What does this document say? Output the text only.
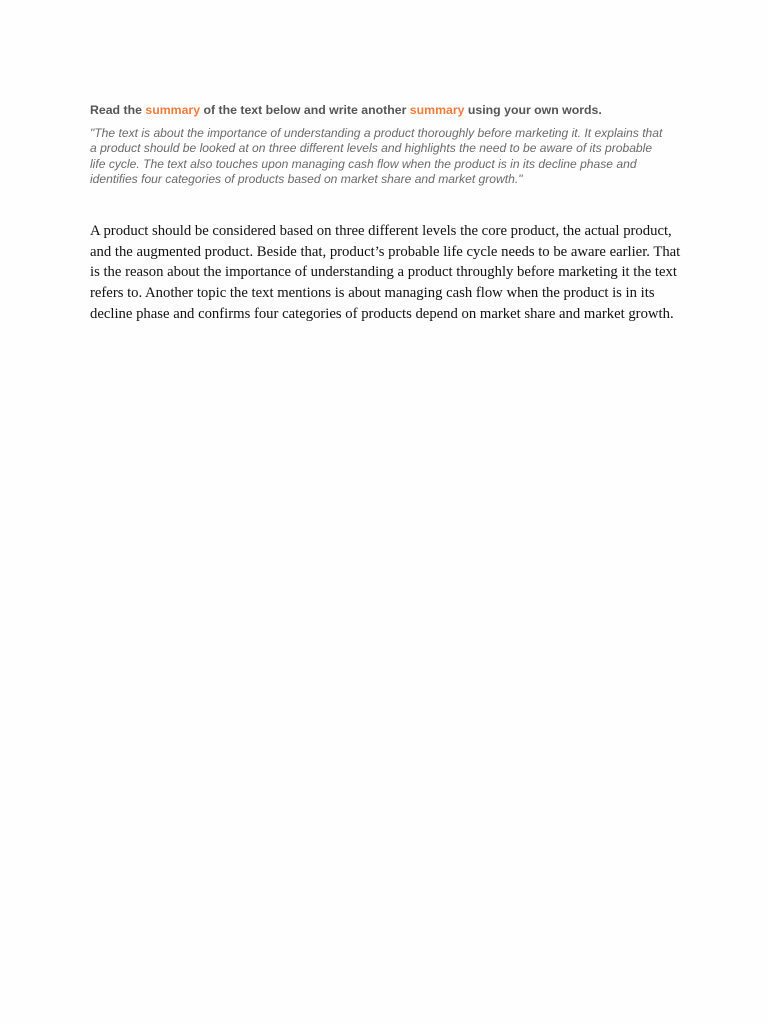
Read the summary of the text below and write another summary using your own words.

"The text is about the importance of understanding a product thoroughly before marketing it. It explains that a product should be looked at on three different levels and highlights the need to be aware of its probable life cycle. The text also touches upon managing cash flow when the product is in its decline phase and identifies four categories of products based on market share and market growth."

A product should be considered based on three different levels the core product, the actual product, and the augmented product. Beside that, product’s probable life cycle needs to be aware earlier. That is the reason about the importance of understanding a product throughly before marketing it the text refers to. Another topic the text mentions is about managing cash flow when the product is in its decline phase and confirms four categories of products depend on market share and market growth.
